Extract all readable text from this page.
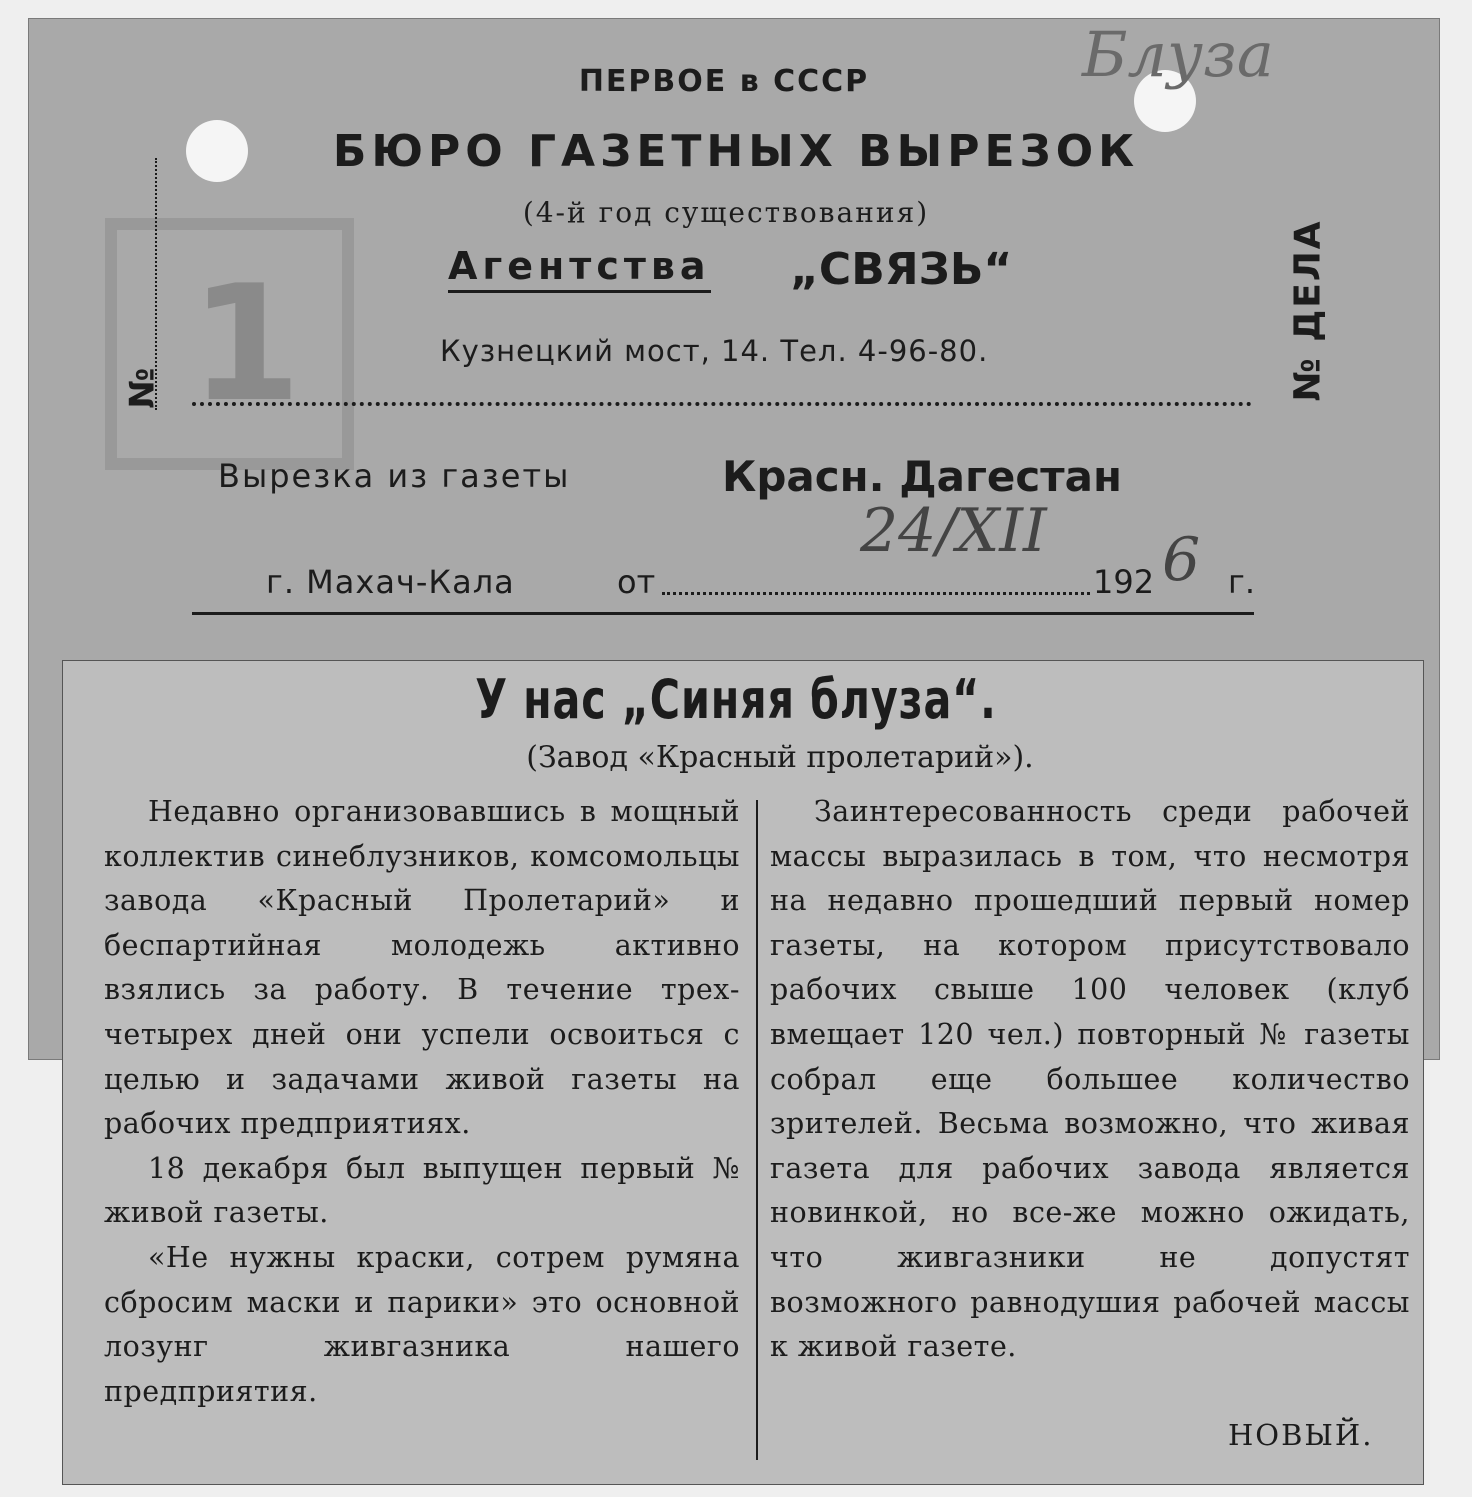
1
Блуза
ПЕРВОЕ в СССР
БЮРО ГАЗЕТНЫХ ВЫРЕЗОК
(4-й год существования)
Агентства „СВЯЗЬ“
Кузнецкий мост, 14. Тел. 4-96-80.
№	№ ДЕЛА
Вырезка из газеты	Красн. Дагестан
г. Махач-Кала	от
24/XII
192 6 г.
У нас „Синяя блуза“.
(Завод «Красный пролетарий»).

Недавно организовавшись в мощный коллектив синеблузников, комсомольцы завода «Красный Пролетарий» и беспартийная молодежь активно взялись за работу. В течение трех-четырех дней они успели освоиться с целью и задачами живой газеты на рабочих предприятиях.

18 декабря был выпущен первый № живой газеты.

«Не нужны краски, сотрем румяна сбросим маски и парики» это основной лозунг живгазника нашего предприятия.

Заинтересованность среди рабочей массы выразилась в том, что несмотря на недавно прошедший первый номер газеты, на котором присутствовало рабочих свыше 100 человек (клуб вмещает 120 чел.) повторный № газеты собрал еще большее количество зрителей. Весьма возможно, что живая газета для рабочих завода является новинкой, но все-же можно ожидать, что живгазники не допустят возможного равнодушия рабочей массы к живой газете.

НОВЫЙ.
